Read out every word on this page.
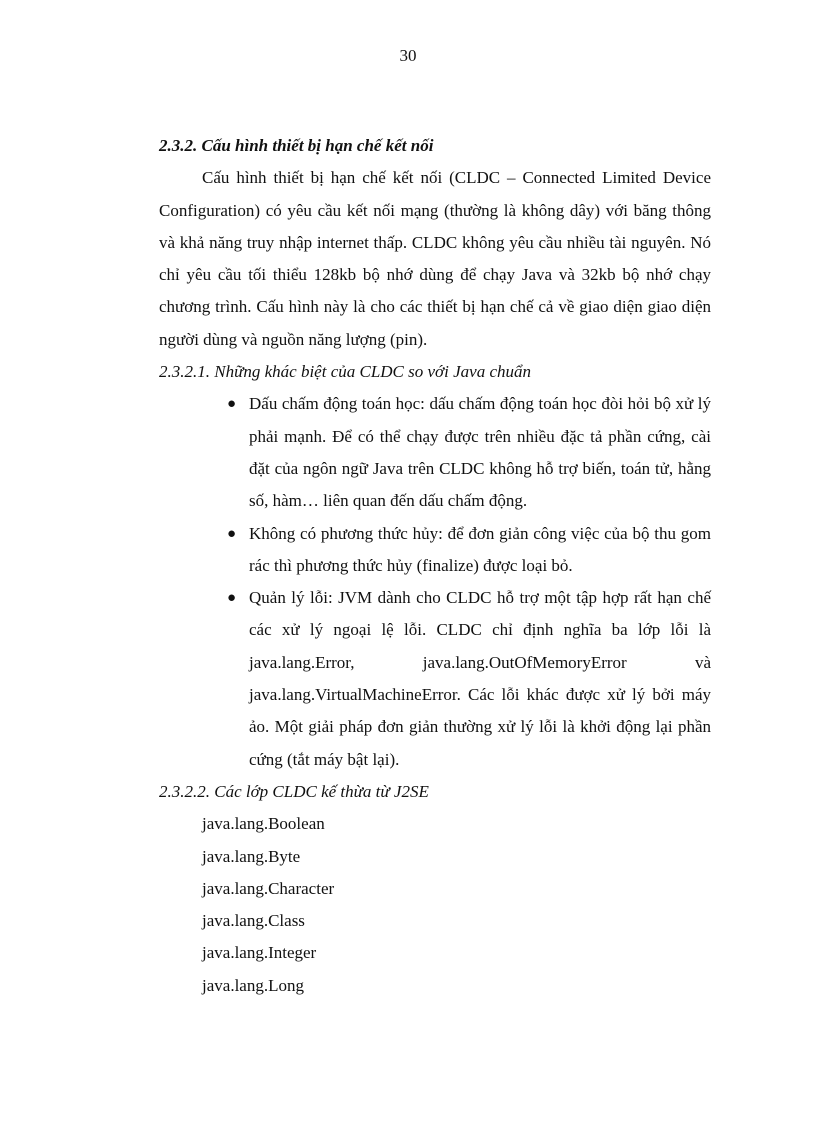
30

2.3.2. Cấu hình thiết bị hạn chế kết nối

Cấu hình thiết bị hạn chế kết nối (CLDC – Connected Limited Device Configuration) có yêu cầu kết nối mạng (thường là không dây) với băng thông và khả năng truy nhập internet thấp. CLDC không yêu cầu nhiều tài nguyên. Nó chỉ yêu cầu tối thiểu 128kb bộ nhớ dùng để chạy Java và 32kb bộ nhớ chạy chương trình. Cấu hình này là cho các thiết bị hạn chế cả về giao diện giao diện người dùng và nguồn năng lượng (pin).

2.3.2.1. Những khác biệt của CLDC so với Java chuẩn

● Dấu chấm động toán học: dấu chấm động toán học đòi hỏi bộ xử lý phải mạnh. Để có thể chạy được trên nhiều đặc tả phần cứng, cài đặt của ngôn ngữ Java trên CLDC không hỗ trợ biến, toán tử, hằng số, hàm… liên quan đến dấu chấm động.
● Không có phương thức hủy: để đơn giản công việc của bộ thu gom rác thì phương thức hủy (finalize) được loại bỏ.
● Quản lý lỗi: JVM dành cho CLDC hỗ trợ một tập hợp rất hạn chế các xử lý ngoại lệ lỗi. CLDC chỉ định nghĩa ba lớp lỗi là java.lang.Error, java.lang.OutOfMemoryError và java.lang.VirtualMachineError. Các lỗi khác được xử lý bởi máy ảo. Một giải pháp đơn giản thường xử lý lỗi là khởi động lại phần cứng (tắt máy bật lại).

2.3.2.2. Các lớp CLDC kế thừa từ J2SE

java.lang.Boolean
java.lang.Byte
java.lang.Character
java.lang.Class
java.lang.Integer
java.lang.Long
